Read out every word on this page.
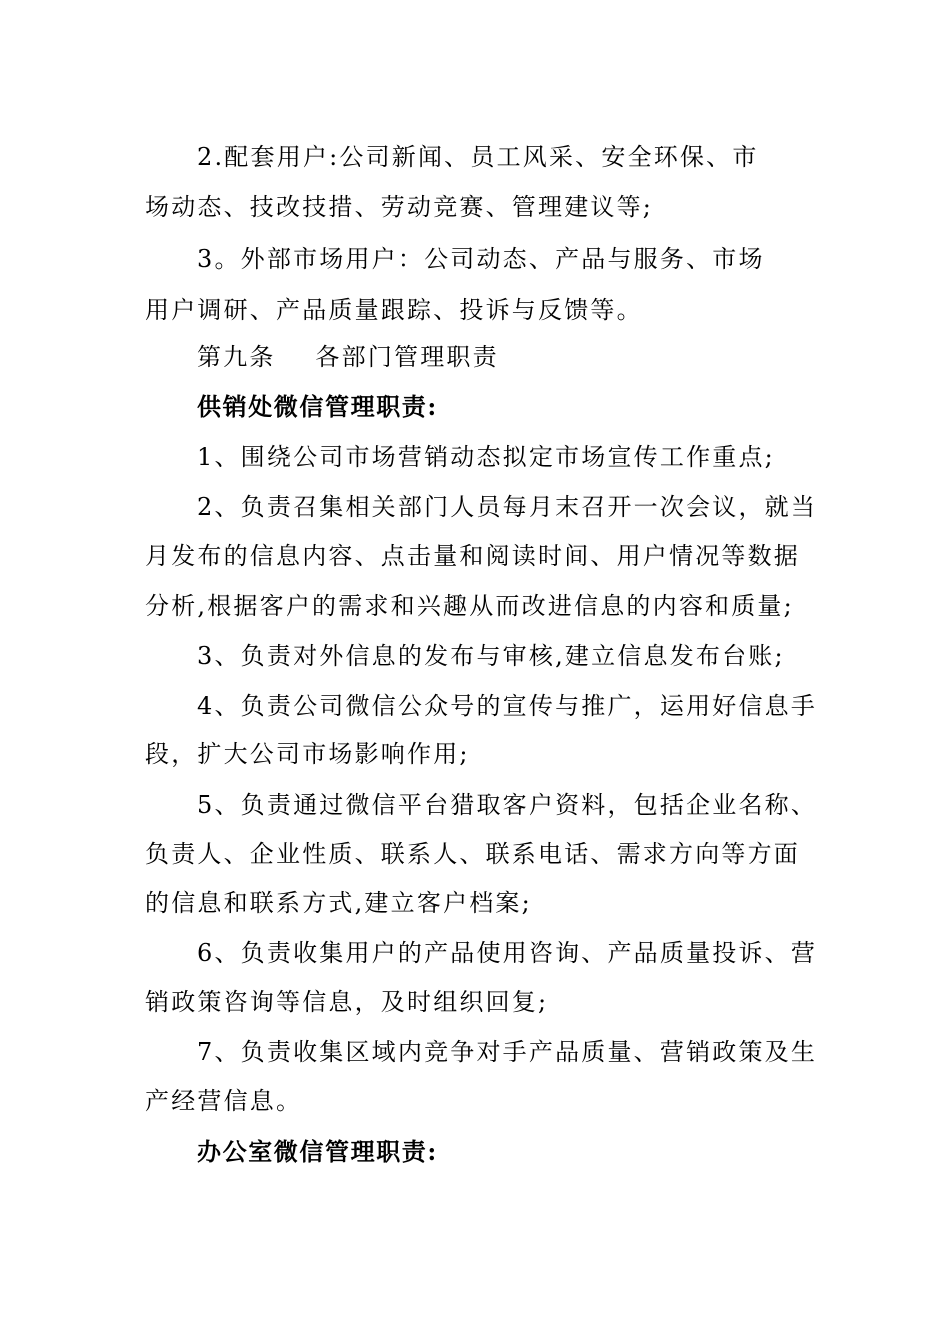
2.配套用户:公司新闻、员工风采、安全环保、市
场动态、技改技措、劳动竞赛、管理建议等;
3。外部市场用户：公司动态、产品与服务、市场
用户调研、产品质量跟踪、投诉与反馈等。
第九条 各部门管理职责
供销处微信管理职责:
1、围绕公司市场营销动态拟定市场宣传工作重点;
2、负责召集相关部门人员每月末召开一次会议，就当
月发布的信息内容、点击量和阅读时间、用户情况等数据
分析,根据客户的需求和兴趣从而改进信息的内容和质量;
3、负责对外信息的发布与审核,建立信息发布台账;
4、负责公司微信公众号的宣传与推广，运用好信息手
段，扩大公司市场影响作用;
5、负责通过微信平台猎取客户资料，包括企业名称、
负责人、企业性质、联系人、联系电话、需求方向等方面
的信息和联系方式,建立客户档案;
6、负责收集用户的产品使用咨询、产品质量投诉、营
销政策咨询等信息，及时组织回复;
7、负责收集区域内竞争对手产品质量、营销政策及生
产经营信息。
办公室微信管理职责:
